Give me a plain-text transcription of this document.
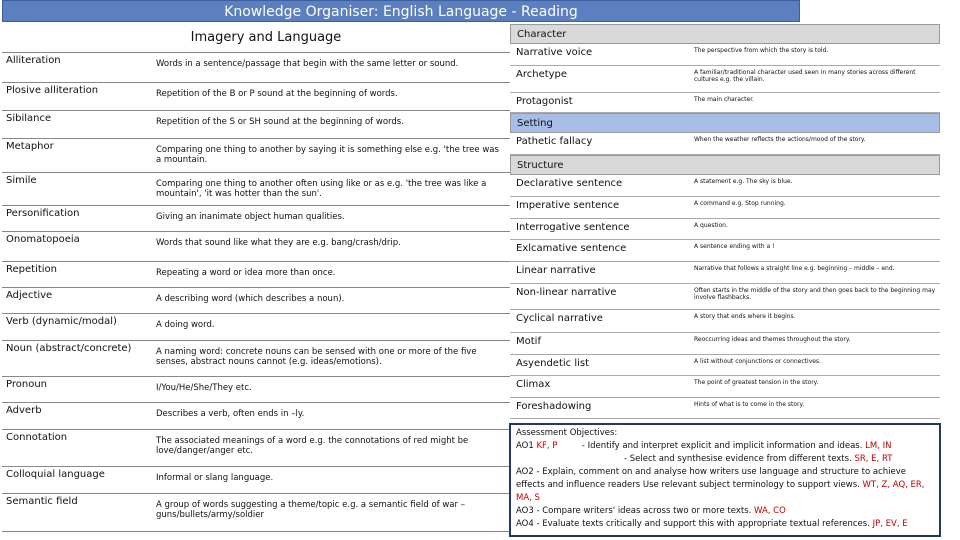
Knowledge Organiser: English Language - Reading
Imagery and Language
Alliteration	Words in a sentence/passage that begin with the same letter or sound.
Plosive alliteration	Repetition of the B or P sound at the beginning of words.
Sibilance	Repetition of the S or SH sound at the beginning of words.
Metaphor	Comparing one thing to another by saying it is something else e.g. 'the tree was a mountain.
Simile	Comparing one thing to another often using like or as e.g. 'the tree was like a mountain', 'it was hotter than the sun'.
Personification	Giving an inanimate object human qualities.
Onomatopoeia	Words that sound like what they are e.g. bang/crash/drip.
Repetition	Repeating a word or idea more than once.
Adjective	A describing word (which describes a noun).
Verb (dynamic/modal)	A doing word.
Noun (abstract/concrete)	A naming word: concrete nouns can be sensed with one or more of the five senses, abstract nouns cannot (e.g. ideas/emotions).
Pronoun	I/You/He/She/They etc.
Adverb	Describes a verb, often ends in –ly.
Connotation	The associated meanings of a word e.g. the connotations of red might be love/danger/anger etc.
Colloquial language	Informal or slang language.
Semantic field	A group of words suggesting a theme/topic e.g. a semantic field of war – guns/bullets/army/soldier
Character
Narrative voice	The perspective from which the story is told.
Archetype	A familiar/traditional character used seen in many stories across different cultures e.g. the villain.
Protagonist	The main character.
Setting
Pathetic fallacy	When the weather reflects the actions/mood of the story.
Structure
Declarative sentence	A statement e.g. The sky is blue.
Imperative sentence	A command e.g. Stop running.
Interrogative sentence	A question.
Exlcamative sentence	A sentence ending with a !
Linear narrative	Narrative that follows a straight line e.g. beginning – middle – end.
Non-linear narrative	Often starts in the middle of the story and then goes back to the beginning may involve flashbacks.
Cyclical narrative	A story that ends where it begins.
Motif	Reoccurring ideas and themes throughout the story.
Asyendetic list	A list without conjunctions or connectives.
Climax	The point of greatest tension in the story.
Foreshadowing	Hints of what is to come in the story.
Assessment Objectives:
AO1 KF, P	- Identify and interpret explicit and implicit information and ideas. LM, IN
- Select and synthesise evidence from different texts. SR, E, RT
AO2 - Explain, comment on and analyse how writers use language and structure to achieve effects and influence readers Use relevant subject terminology to support views. WT, Z, AQ, ER, MA, S
AO3 - Compare writers' ideas across two or more texts. WA, CO
AO4 - Evaluate texts critically and support this with appropriate textual references. JP, EV, E
